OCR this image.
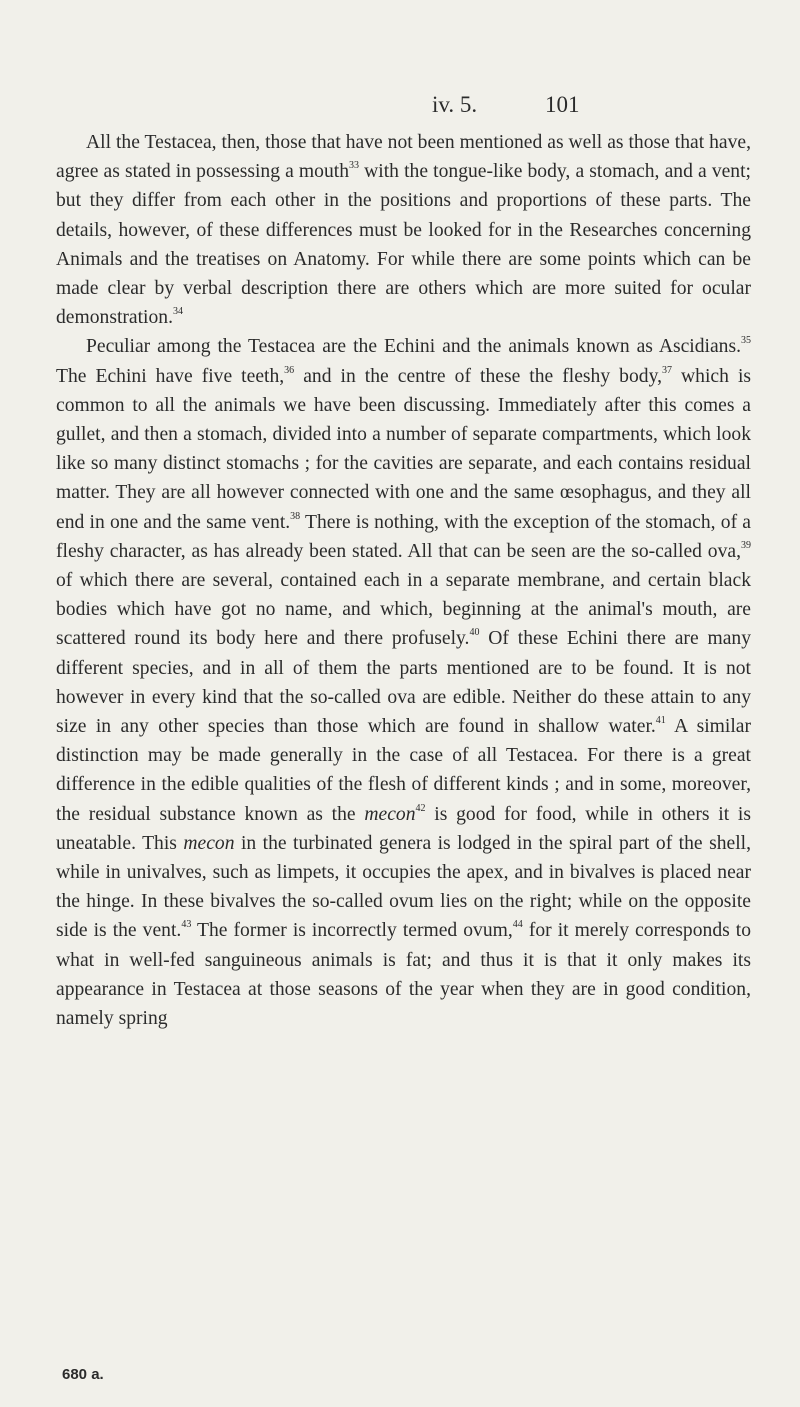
iv. 5.	101

All the Testacea, then, those that have not been mentioned as well as those that have, agree as stated in possessing a mouth$^{33}$ with the tongue-like body, a stomach, and a vent; but they differ from each other in the positions and proportions of these parts. The details, however, of these differences must be looked for in the Researches concerning Animals and the treatises on Anatomy. For while there are some points which can be made clear by verbal description there are others which are more suited for ocular demonstration.$^{34}$

Peculiar among the Testacea are the Echini and the animals known as Ascidians.$^{35}$ The Echini have five teeth,$^{36}$ and in the centre of these the fleshy body,$^{37}$ which is common to all the animals we have been discussing. Immediately after this comes a gullet, and then a stomach, divided into a number of separate compartments, which look like so many distinct stomachs ; for the cavities are separate, and each contains residual matter. They are all however connected with one and the same œsophagus, and they all end in one and the same vent.$^{38}$ There is nothing, with the exception of the stomach, of a fleshy character, as has already been stated. All that can be seen are the so-called ova,$^{39}$ of which there are several, contained each in a separate membrane, and certain black bodies which have got no name, and which, beginning at the animal's mouth, are scattered round its body here and there profusely.$^{40}$ Of these Echini there are many different species, and in all of them the parts mentioned are to be found. It is not however in every kind that the so-called ova are edible. Neither do these attain to any size in any other species than those which are found in shallow water.$^{41}$ A similar distinction may be made generally in the case of all Testacea. For there is a great difference in the edible qualities of the flesh of different kinds ; and in some, moreover, the residual substance known as the mecon$^{42}$ is good for food, while in others it is uneatable. This mecon in the turbinated genera is lodged in the spiral part of the shell, while in univalves, such as limpets, it occupies the apex, and in bivalves is placed near the hinge. In these bivalves the so-called ovum lies on the right; while on the opposite side is the vent.$^{43}$ The former is incorrectly termed ovum,$^{44}$ for it merely corresponds to what in well-fed sanguineous animals is fat; and thus it is that it only makes its appearance in Testacea at those seasons of the year when they are in good condition, namely spring

680 a.
